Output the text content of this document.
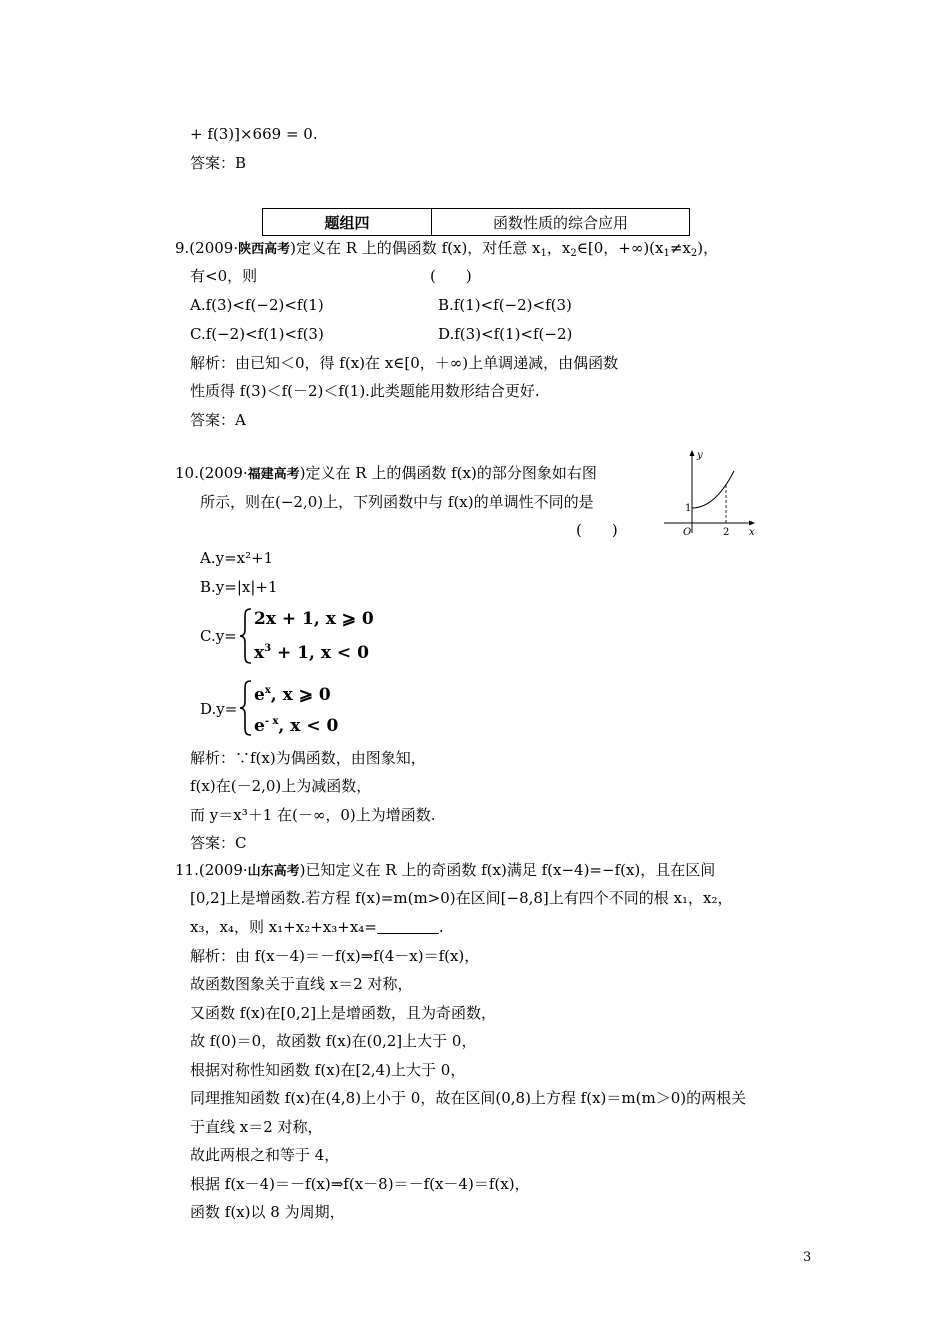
+ f(3)]×669 = 0.
答案：B
题组四	函数性质的综合应用
9.(2009·陕西高考)定义在 R 上的偶函数 f(x)，对任意 $x_1$，$x_2\in[0$，$+\infty)(x_1\ne x_2)$，
有<0，则	(　　)
A.f(3)<f(−2)<f(1)	B.f(1)<f(−2)<f(3)
C.f(−2)<f(1)<f(3)	D.f(3)<f(1)<f(−2)
解析：由已知＜0，得 f(x)在 x∈[0，＋∞)上单调递减，由偶函数
性质得 f(3)＜f(－2)＜f(1).此类题能用数形结合更好.
答案：A
10.(2009·福建高考)定义在 R 上的偶函数 f(x)的部分图象如右图
所示，则在(−2,0)上，下列函数中与 f(x)的单调性不同的是
(　　)
y
x
O
1
2
A.y=x²+1
B.y=|x|+1
C.y=
2x + 1, x ⩾ 0
$x^3 + 1$, x < 0
D.y=
$e^x$, x ⩾ 0
$e^{- x}$, x < 0
解析：∵f(x)为偶函数，由图象知，
f(x)在(－2,0)上为减函数，
而 y＝x³＋1 在(－∞，0)上为增函数.
答案：C
11.(2009·山东高考)已知定义在 R 上的奇函数 f(x)满足 f(x−4)=−f(x)，且在区间
[0,2]上是增函数.若方程 f(x)=m(m>0)在区间[−8,8]上有四个不同的根 x₁，x₂，
x₃，x₄，则 x₁+x₂+x₃+x₄=	.
解析：由 f(x－4)＝－f(x)⇒f(4－x)＝f(x)，
故函数图象关于直线 x＝2 对称，
又函数 f(x)在[0,2]上是增函数，且为奇函数，
故 f(0)＝0，故函数 f(x)在(0,2]上大于 0，
根据对称性知函数 f(x)在[2,4)上大于 0，
同理推知函数 f(x)在(4,8)上小于 0，故在区间(0,8)上方程 f(x)＝m(m＞0)的两根关
于直线 x＝2 对称，
故此两根之和等于 4，
根据 f(x－4)＝－f(x)⇒f(x－8)＝－f(x－4)＝f(x)，
函数 f(x)以 8 为周期，
3
